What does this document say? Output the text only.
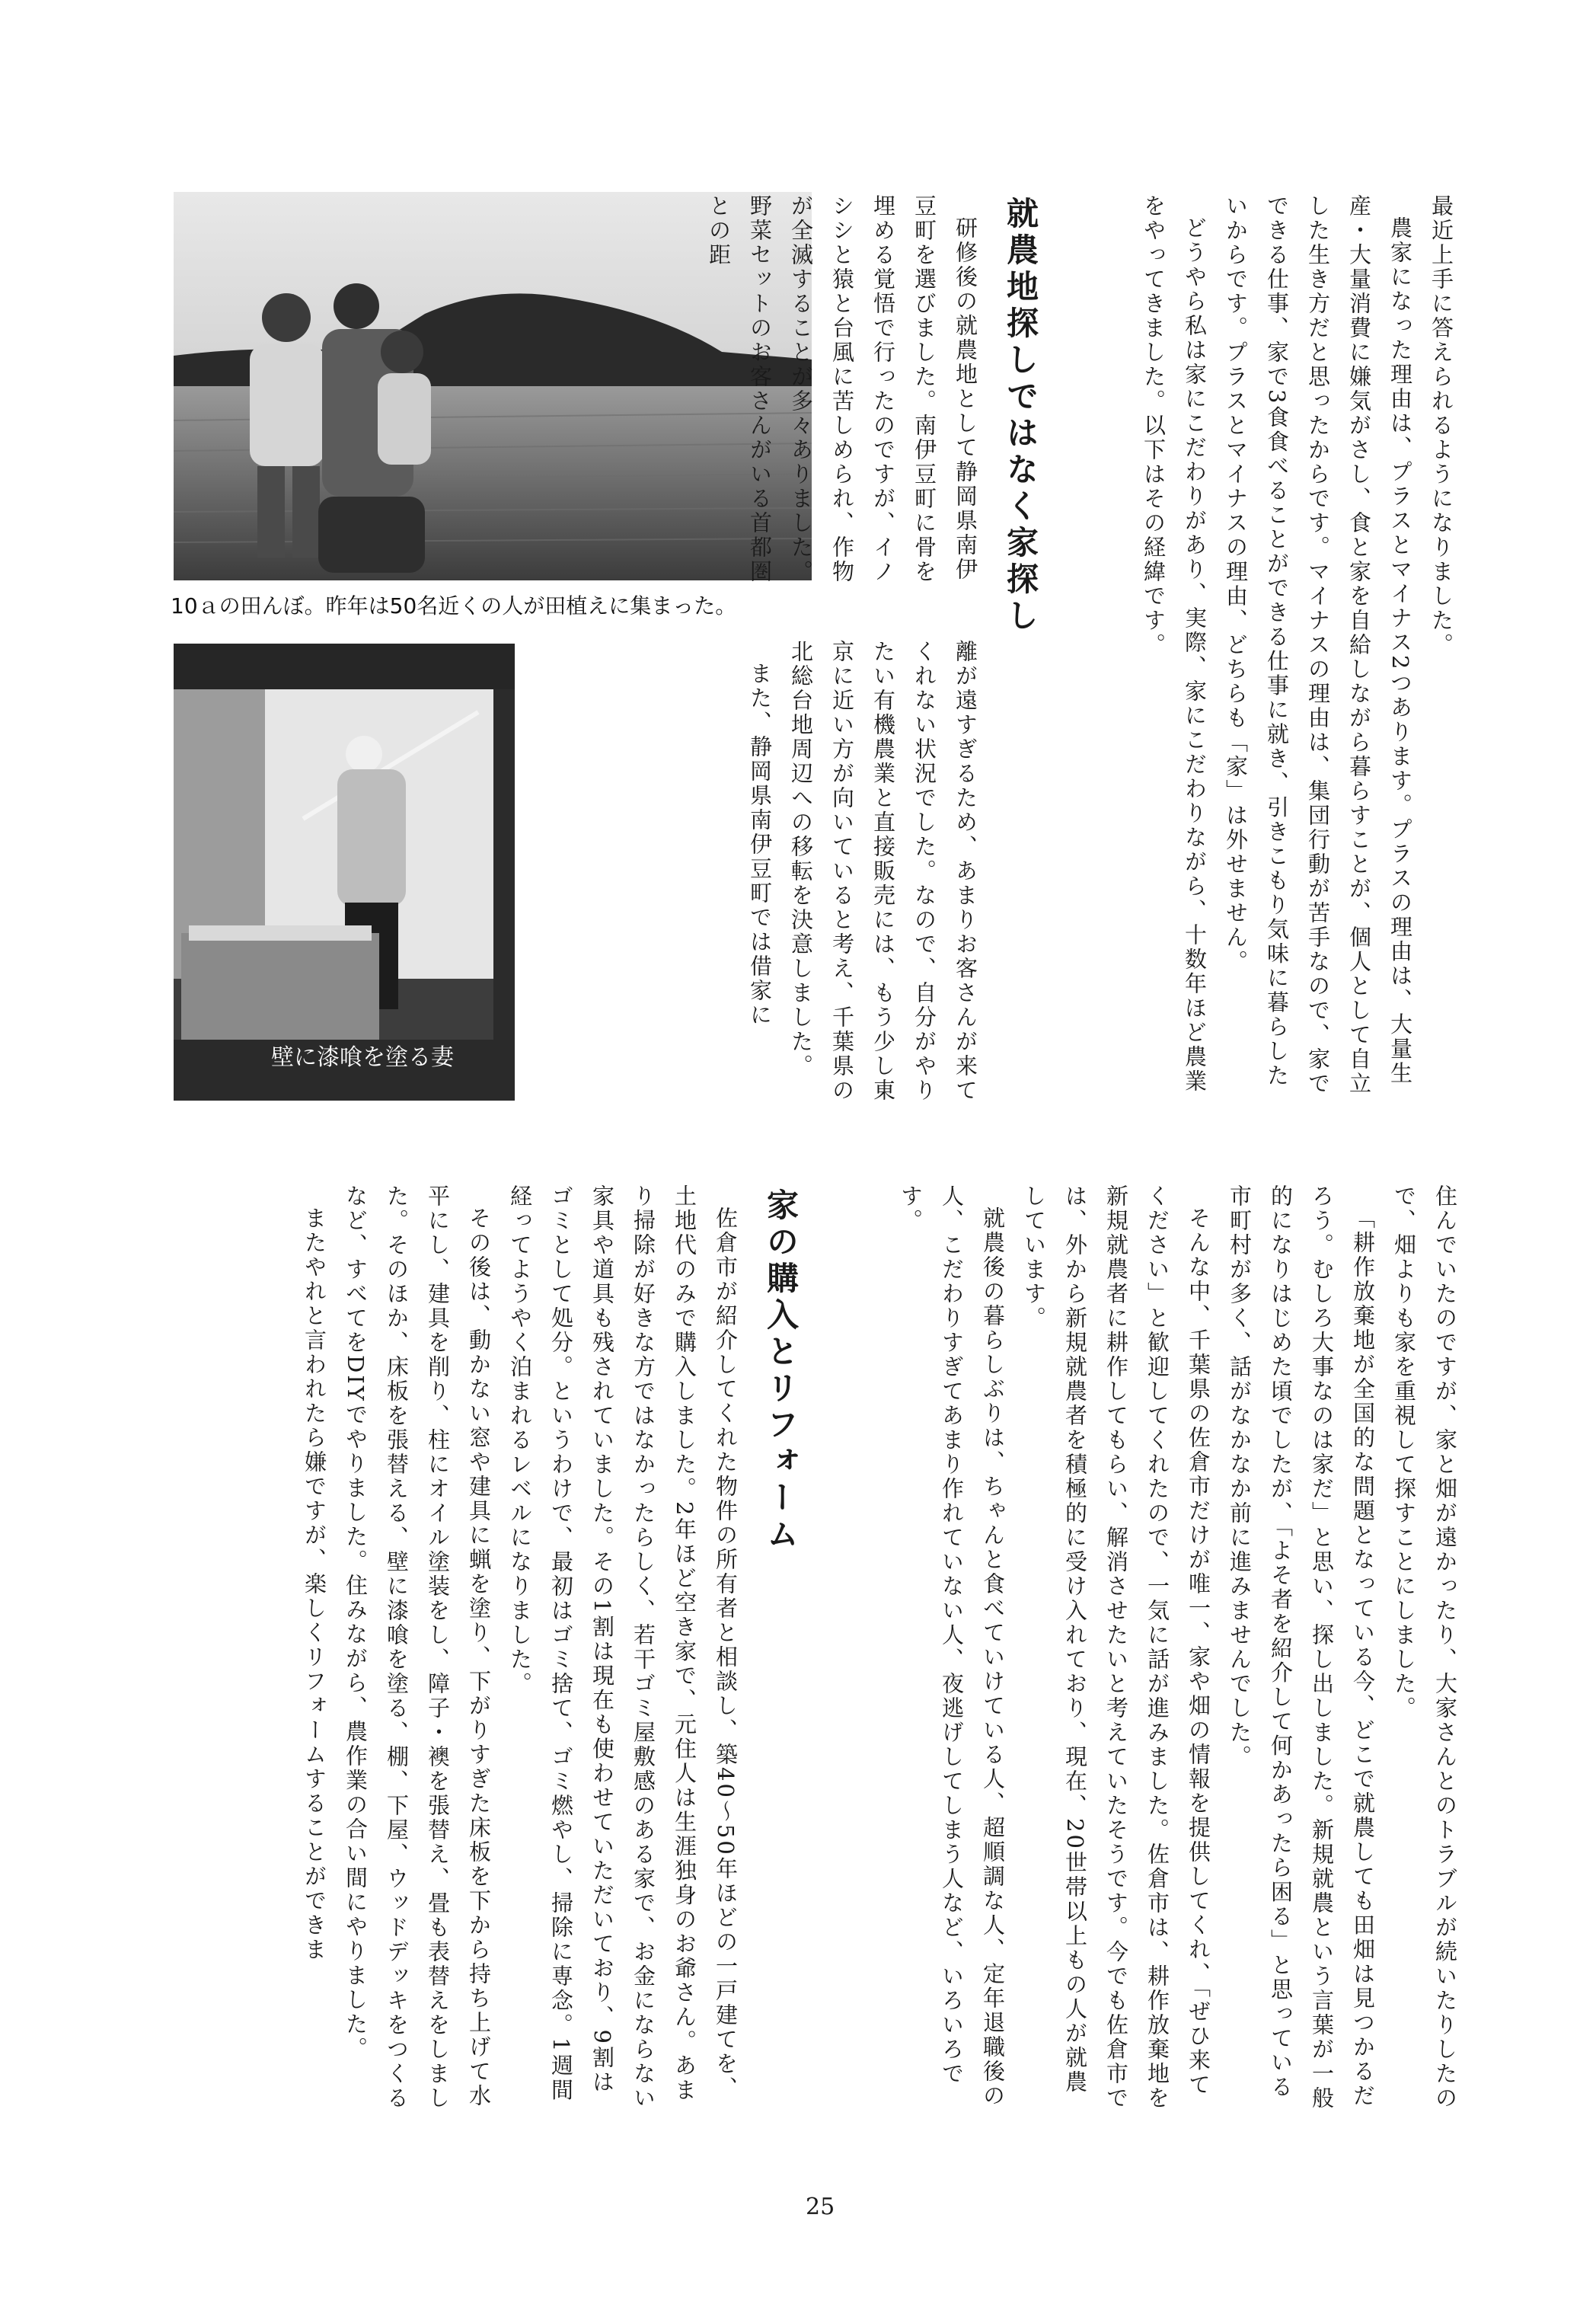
10ａの田んぼ。昨年は50名近くの人が田植えに集まった。
壁に漆喰を塗る妻

最近上手に答えられるようになりました。

農家になった理由は、プラスとマイナス2つあります。プラスの理由は、大量生産・大量消費に嫌気がさし、食と家を自給しながら暮らすことが、個人として自立した生き方だと思ったからです。マイナスの理由は、集団行動が苦手なので、家でできる仕事、家で3食食べることができる仕事に就き、引きこもり気味に暮らしたいからです。プラスとマイナスの理由、どちらも「家」は外せません。

どうやら私は家にこだわりがあり、実際、家にこだわりながら、十数年ほど農業をやってきました。以下はその経緯です。

就農地探しではなく家探し

研修後の就農地として静岡県南伊豆町を選びました。南伊豆町に骨を埋める覚悟で行ったのですが、イノシシと猿と台風に苦しめられ、作物が全滅することが多々ありました。野菜セットのお客さんがいる首都圏との距

離が遠すぎるため、あまりお客さんが来てくれない状況でした。なので、自分がやりたい有機農業と直接販売には、もう少し東京に近い方が向いていると考え、千葉県の北総台地周辺への移転を決意しました。

また、静岡県南伊豆町では借家に

住んでいたのですが、家と畑が遠かったり、大家さんとのトラブルが続いたりしたので、畑よりも家を重視して探すことにしました。

「耕作放棄地が全国的な問題となっている今、どこで就農しても田畑は見つかるだろう。むしろ大事なのは家だ」と思い、探し出しました。新規就農という言葉が一般的になりはじめた頃でしたが、「よそ者を紹介して何かあったら困る」と思っている市町村が多く、話がなかなか前に進みませんでした。

そんな中、千葉県の佐倉市だけが唯一、家や畑の情報を提供してくれ、「ぜひ来てください」と歓迎してくれたので、一気に話が進みました。佐倉市は、耕作放棄地を新規就農者に耕作してもらい、解消させたいと考えていたそうです。今でも佐倉市では、外から新規就農者を積極的に受け入れており、現在、20世帯以上もの人が就農しています。

就農後の暮らしぶりは、ちゃんと食べていけている人、超順調な人、定年退職後の人、こだわりすぎてあまり作れていない人、夜逃げしてしまう人など、いろいろです。

家の購入とリフォーム

佐倉市が紹介してくれた物件の所有者と相談し、築40～50年ほどの一戸建てを、土地代のみで購入しました。2年ほど空き家で、元住人は生涯独身のお爺さん。あまり掃除が好きな方ではなかったらしく、若干ゴミ屋敷感のある家で、お金にならない家具や道具も残されていました。その1割は現在も使わせていただいており、9割はゴミとして処分。というわけで、最初はゴミ捨て、ゴミ燃やし、掃除に専念。1週間経ってようやく泊まれるレベルになりました。

その後は、動かない窓や建具に蝋を塗り、下がりすぎた床板を下から持ち上げて水平にし、建具を削り、柱にオイル塗装をし、障子・襖を張替え、畳も表替えをしました。そのほか、床板を張替える、壁に漆喰を塗る、棚、下屋、ウッドデッキをつくるなど、すべてをDIYでやりました。住みながら、農作業の合い間にやりました。

またやれと言われたら嫌ですが、楽しくリフォームすることができま

25
